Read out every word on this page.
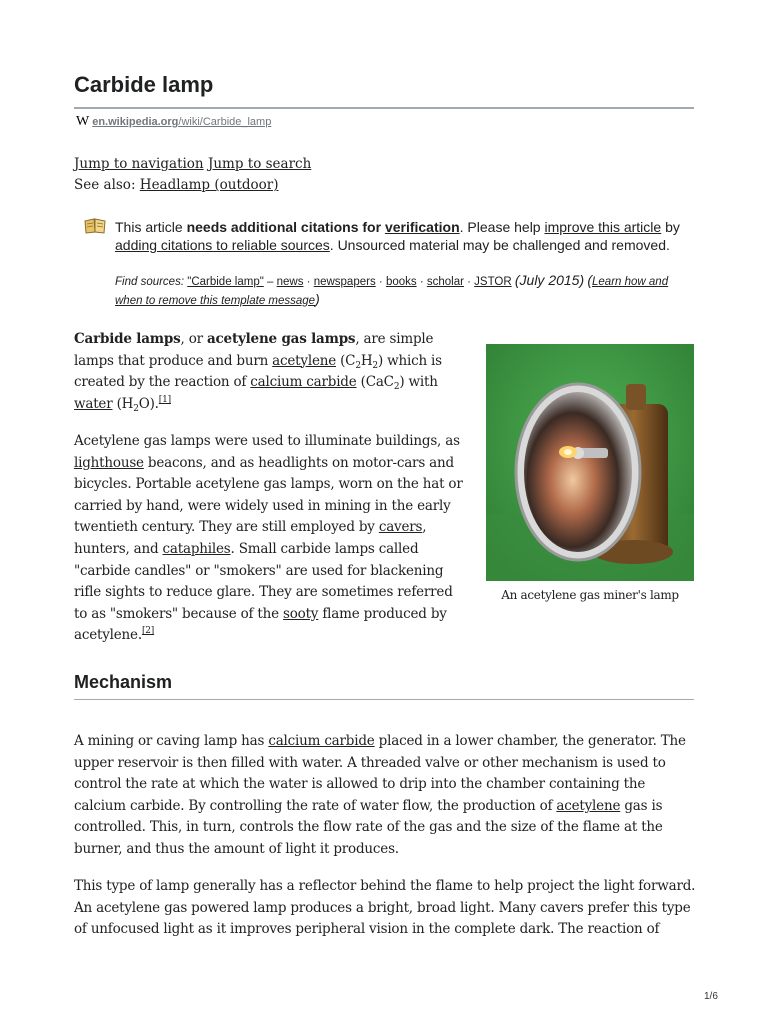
Carbide lamp
W en.wikipedia.org/wiki/Carbide_lamp
Jump to navigation Jump to search
See also: Headlamp (outdoor)
This article needs additional citations for verification. Please help improve this article by adding citations to reliable sources. Unsourced material may be challenged and removed.
Find sources: "Carbide lamp" – news · newspapers · books · scholar · JSTOR (July 2015) (Learn how and when to remove this template message)

Carbide lamps, or acetylene gas lamps, are simple lamps that produce and burn acetylene $(C_2H_2)$ which is created by the reaction of calcium carbide (CaC$_2$) with water $(H_2O).[1]$

Acetylene gas lamps were used to illuminate buildings, as lighthouse beacons, and as headlights on motor-cars and bicycles. Portable acetylene gas lamps, worn on the hat or carried by hand, were widely used in mining in the early twentieth century. They are still employed by cavers, hunters, and cataphiles. Small carbide lamps called "carbide candles" or "smokers" are used for blackening rifle sights to reduce glare. They are sometimes referred to as "smokers" because of the sooty flame produced by acetylene.[2]

An acetylene gas miner's lamp
Mechanism

A mining or caving lamp has calcium carbide placed in a lower chamber, the generator. The upper reservoir is then filled with water. A threaded valve or other mechanism is used to control the rate at which the water is allowed to drip into the chamber containing the calcium carbide. By controlling the rate of water flow, the production of acetylene gas is controlled. This, in turn, controls the flow rate of the gas and the size of the flame at the burner, and thus the amount of light it produces.

This type of lamp generally has a reflector behind the flame to help project the light forward. An acetylene gas powered lamp produces a bright, broad light. Many cavers prefer this type of unfocused light as it improves peripheral vision in the complete dark. The reaction of
1/6
